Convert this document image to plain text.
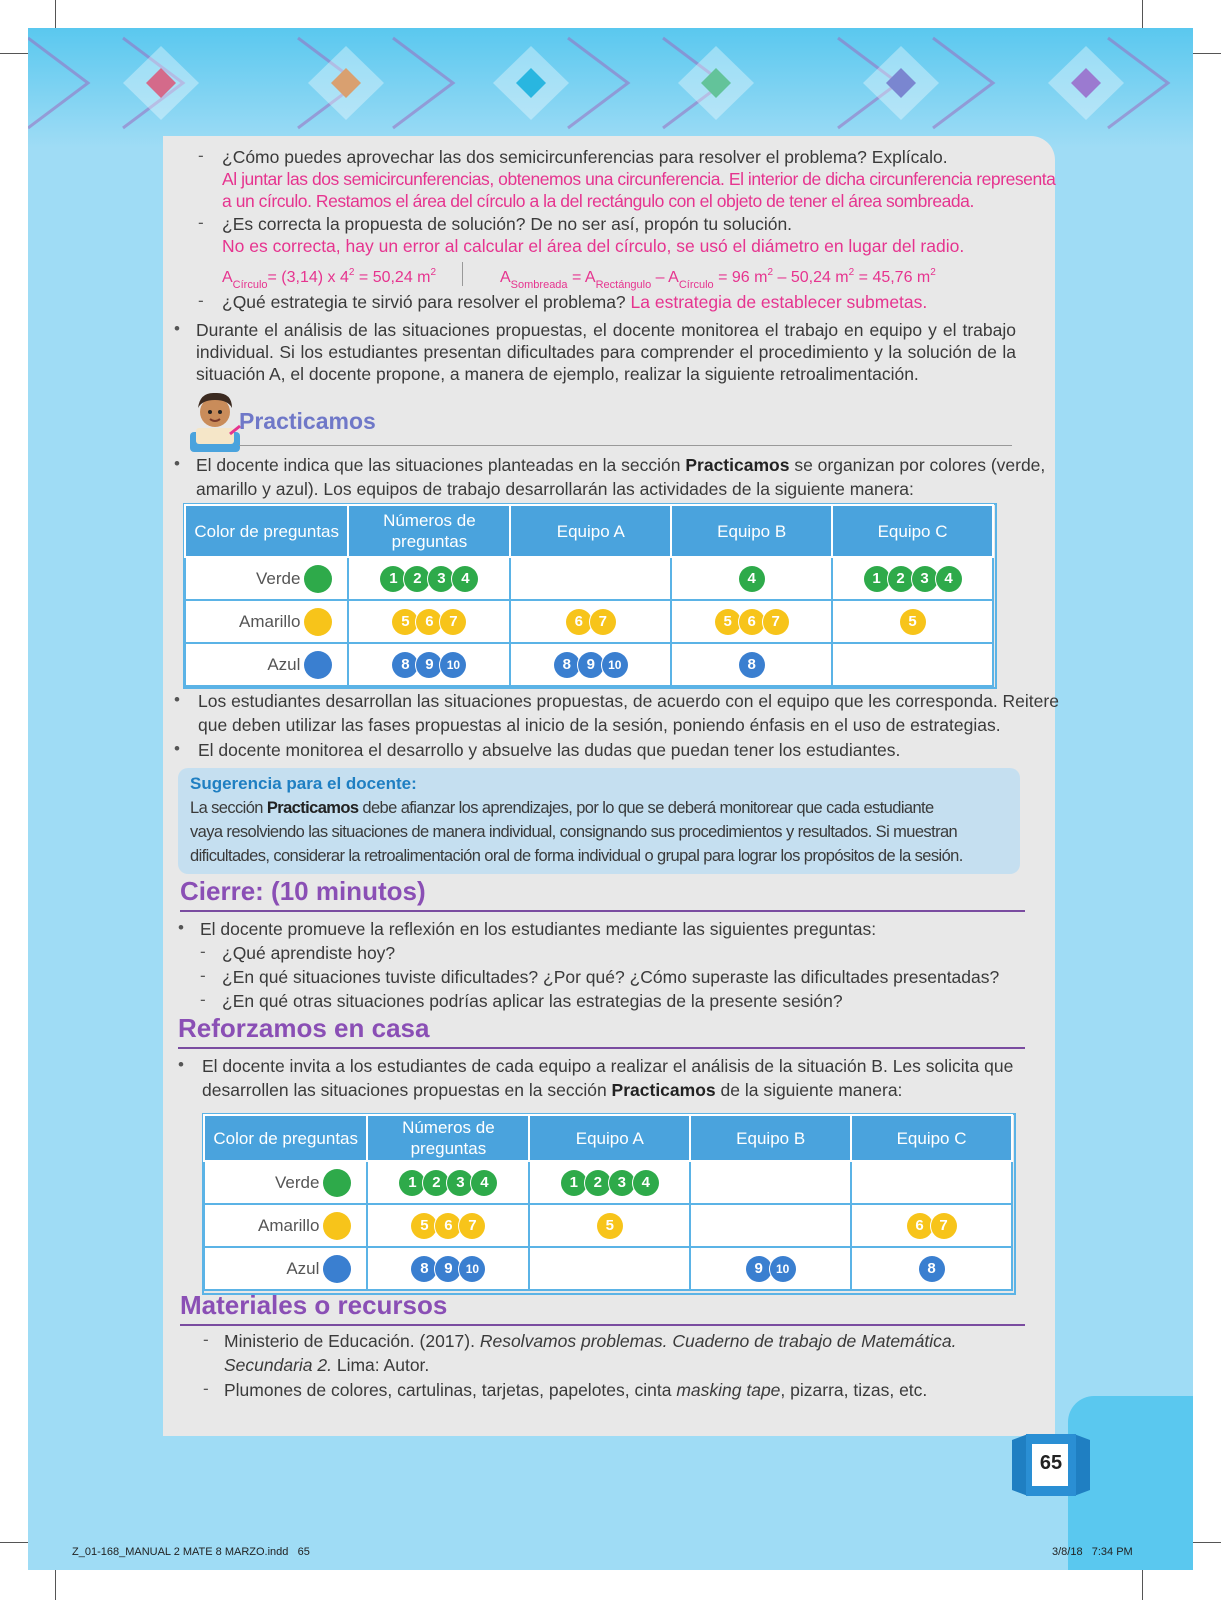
- ¿Cómo puedes aprovechar las dos semicircunferencias para resolver el problema? Explícalo.
Al juntar las dos semicircunferencias, obtenemos una circunferencia. El interior de dicha circunferencia representa
a un círculo. Restamos el área del círculo a la del rectángulo con el objeto de tener el área sombreada.
- ¿Es correcta la propuesta de solución? De no ser así, propón tu solución.
No es correcta, hay un error al calcular el área del círculo, se usó el diámetro en lugar del radio.
$A_{Círculo}= (3,14)$ x $4^2 = 50,24$ $m^2$	$A_{Sombreada} = A_{Rectángulo} - A_{Círculo} = 96$ $m^2 - 50,24$ $m^2 = 45,76$ $m^2$
- ¿Qué estrategia te sirvió para resolver el problema? La estrategia de establecer submetas.
• Durante el análisis de las situaciones propuestas, el docente monitorea el trabajo en equipo y el trabajo
individual. Si los estudiantes presentan dificultades para comprender el procedimiento y la solución de la
situación A, el docente propone, a manera de ejemplo, realizar la siguiente retroalimentación.
Practicamos
• El docente indica que las situaciones planteadas en la sección Practicamos se organizan por colores (verde,
amarillo y azul). Los equipos de trabajo desarrollarán las actividades de la siguiente manera:
Color de preguntas	Números de preguntas	Equipo A	Equipo B	Equipo C

Verde	1 2 3 4		4	1 2 3 4

Amarillo	5 6 7	6 7	5 6 7	5

Azul	8 9 10	8 9 10	8	
• Los estudiantes desarrollan las situaciones propuestas, de acuerdo con el equipo que les corresponda. Reitere
que deben utilizar las fases propuestas al inicio de la sesión, poniendo énfasis en el uso de estrategias.
• El docente monitorea el desarrollo y absuelve las dudas que puedan tener los estudiantes.
Sugerencia para el docente:
La sección Practicamos debe afianzar los aprendizajes, por lo que se deberá monitorear que cada estudiante
vaya resolviendo las situaciones de manera individual, consignando sus procedimientos y resultados. Si muestran
dificultades, considerar la retroalimentación oral de forma individual o grupal para lograr los propósitos de la sesión.
Cierre: (10 minutos)
• El docente promueve la reflexión en los estudiantes mediante las siguientes preguntas:
- ¿Qué aprendiste hoy?
- ¿En qué situaciones tuviste dificultades? ¿Por qué? ¿Cómo superaste las dificultades presentadas?
- ¿En qué otras situaciones podrías aplicar las estrategias de la presente sesión?
Reforzamos en casa
• El docente invita a los estudiantes de cada equipo a realizar el análisis de la situación B. Les solicita que
desarrollen las situaciones propuestas en la sección Practicamos de la siguiente manera:
Color de preguntas	Números de preguntas	Equipo A	Equipo B	Equipo C

Verde	1 2 3 4	1 2 3 4		

Amarillo	5 6 7	5		6 7

Azul	8 9 10		9 10	8
Materiales o recursos
- Ministerio de Educación. (2017). Resolvamos problemas. Cuaderno de trabajo de Matemática.
Secundaria 2. Lima: Autor.
- Plumones de colores, cartulinas, tarjetas, papelotes, cinta masking tape, pizarra, tizas, etc.
65
Z_01-168_MANUAL 2 MATE 8 MARZO.indd   65	3/8/18   7:34 PM
